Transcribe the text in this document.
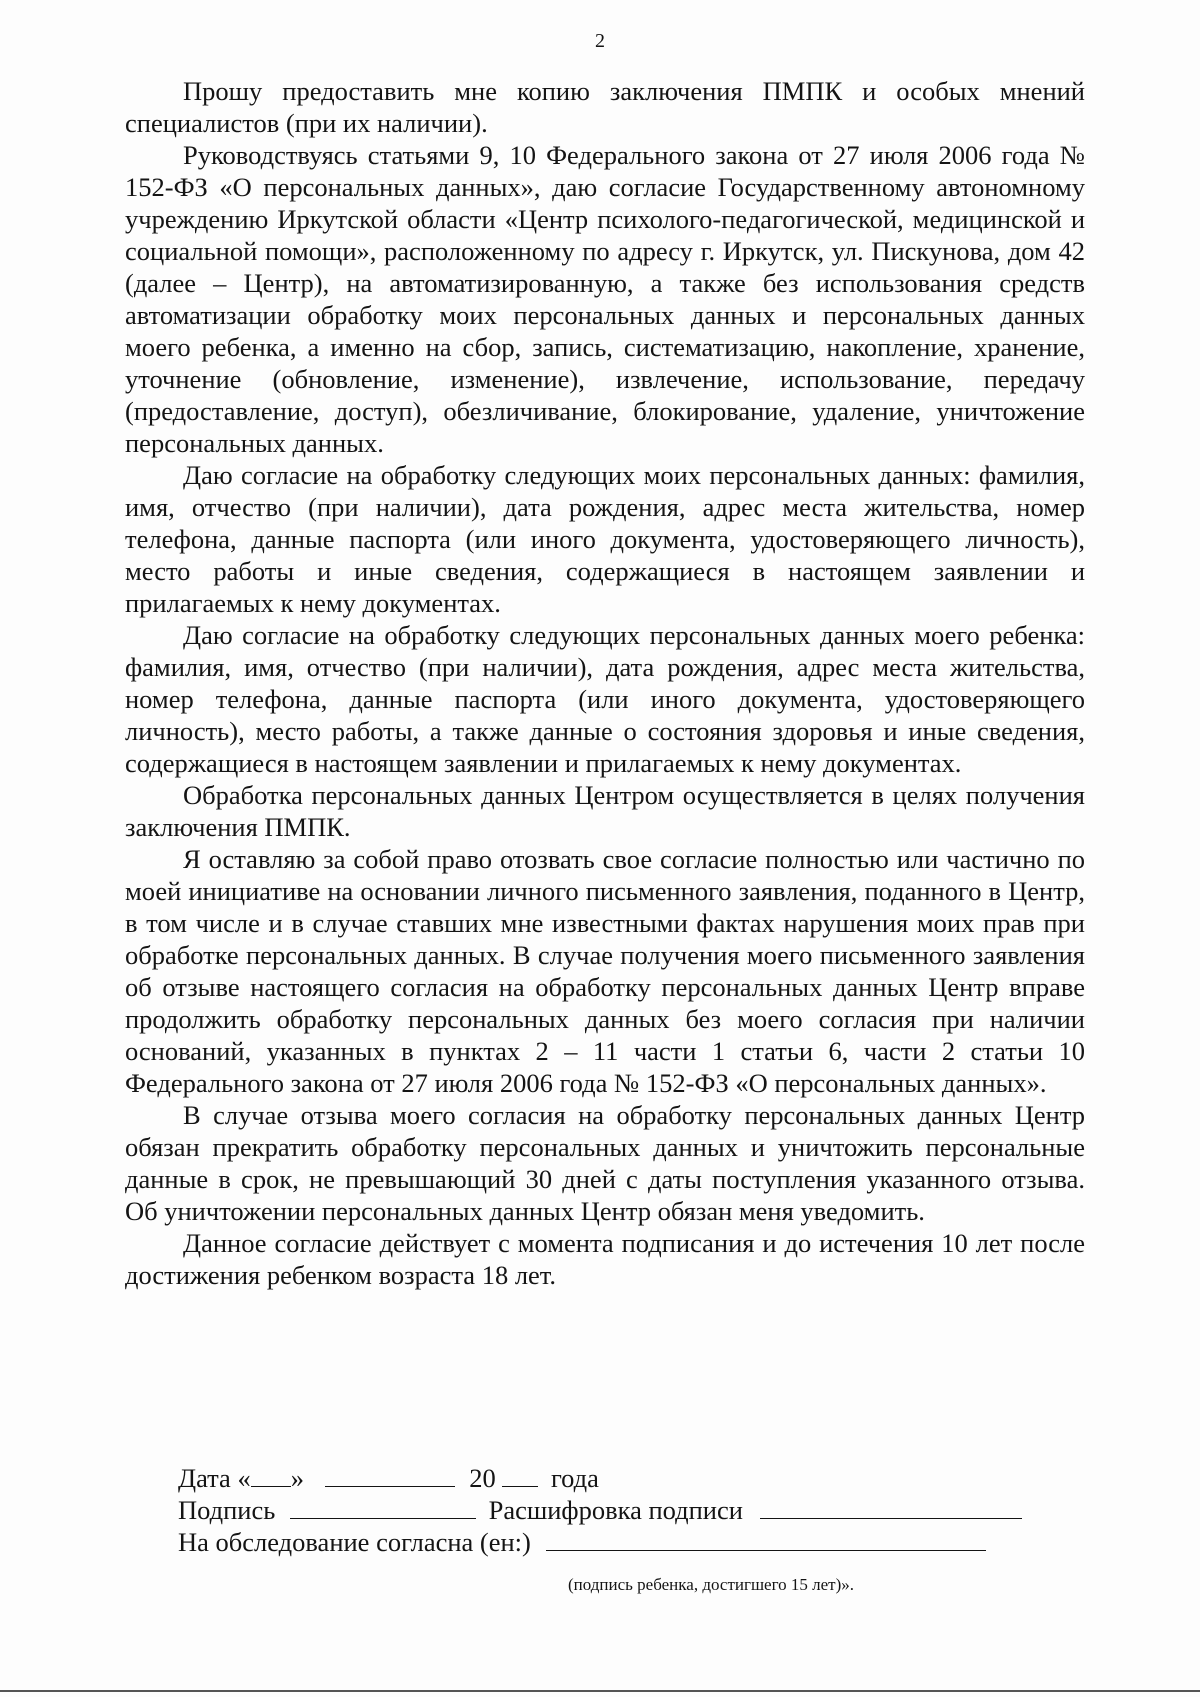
2

Прошу предоставить мне копию заключения ПМПК и особых мнений специалистов (при их наличии).

Руководствуясь статьями 9, 10 Федерального закона от 27 июля 2006 года № 152-ФЗ «О персональных данных», даю согласие Государственному автономному учреждению Иркутской области «Центр психолого-педагогической, медицинской и социальной помощи», расположенному по адресу г. Иркутск, ул. Пискунова, дом 42 (далее – Центр), на автоматизированную, а также без использования средств автоматизации обработку моих персональных данных и персональных данных моего ребенка, а именно на сбор, запись, систематизацию, накопление, хранение, уточнение (обновление, изменение), извлечение, использование, передачу (предоставление, доступ), обезличивание, блокирование, удаление, уничтожение персональных данных.

Даю согласие на обработку следующих моих персональных данных: фамилия, имя, отчество (при наличии), дата рождения, адрес места жительства, номер телефона, данные паспорта (или иного документа, удостоверяющего личность), место работы и иные сведения, содержащиеся в настоящем заявлении и прилагаемых к нему документах.

Даю согласие на обработку следующих персональных данных моего ребенка: фамилия, имя, отчество (при наличии), дата рождения, адрес места жительства, номер телефона, данные паспорта (или иного документа, удостоверяющего личность), место работы, а также данные о состояния здоровья и иные сведения, содержащиеся в настоящем заявлении и прилагаемых к нему документах.

Обработка персональных данных Центром осуществляется в целях получения заключения ПМПК.

Я оставляю за собой право отозвать свое согласие полностью или частично по моей инициативе на основании личного письменного заявления, поданного в Центр, в том числе и в случае ставших мне известными фактах нарушения моих прав при обработке персональных данных. В случае получения моего письменного заявления об отзыве настоящего согласия на обработку персональных данных Центр вправе продолжить обработку персональных данных без моего согласия при наличии оснований, указанных в пунктах 2 – 11 части 1 статьи 6, части 2 статьи 10 Федерального закона от 27 июля 2006 года № 152-ФЗ «О персональных данных».

В случае отзыва моего согласия на обработку персональных данных Центр обязан прекратить обработку персональных данных и уничтожить персональные данные в срок, не превышающий 30 дней с даты поступления указанного отзыва. Об уничтожении персональных данных Центр обязан меня уведомить.

Данное согласие действует с момента подписания и до истечения 10 лет после достижения ребенком возраста 18 лет.

Дата « »	20 года
Подпись	Расшифровка подписи
На обследование согласна (ен:)
(подпись ребенка, достигшего 15 лет)».
